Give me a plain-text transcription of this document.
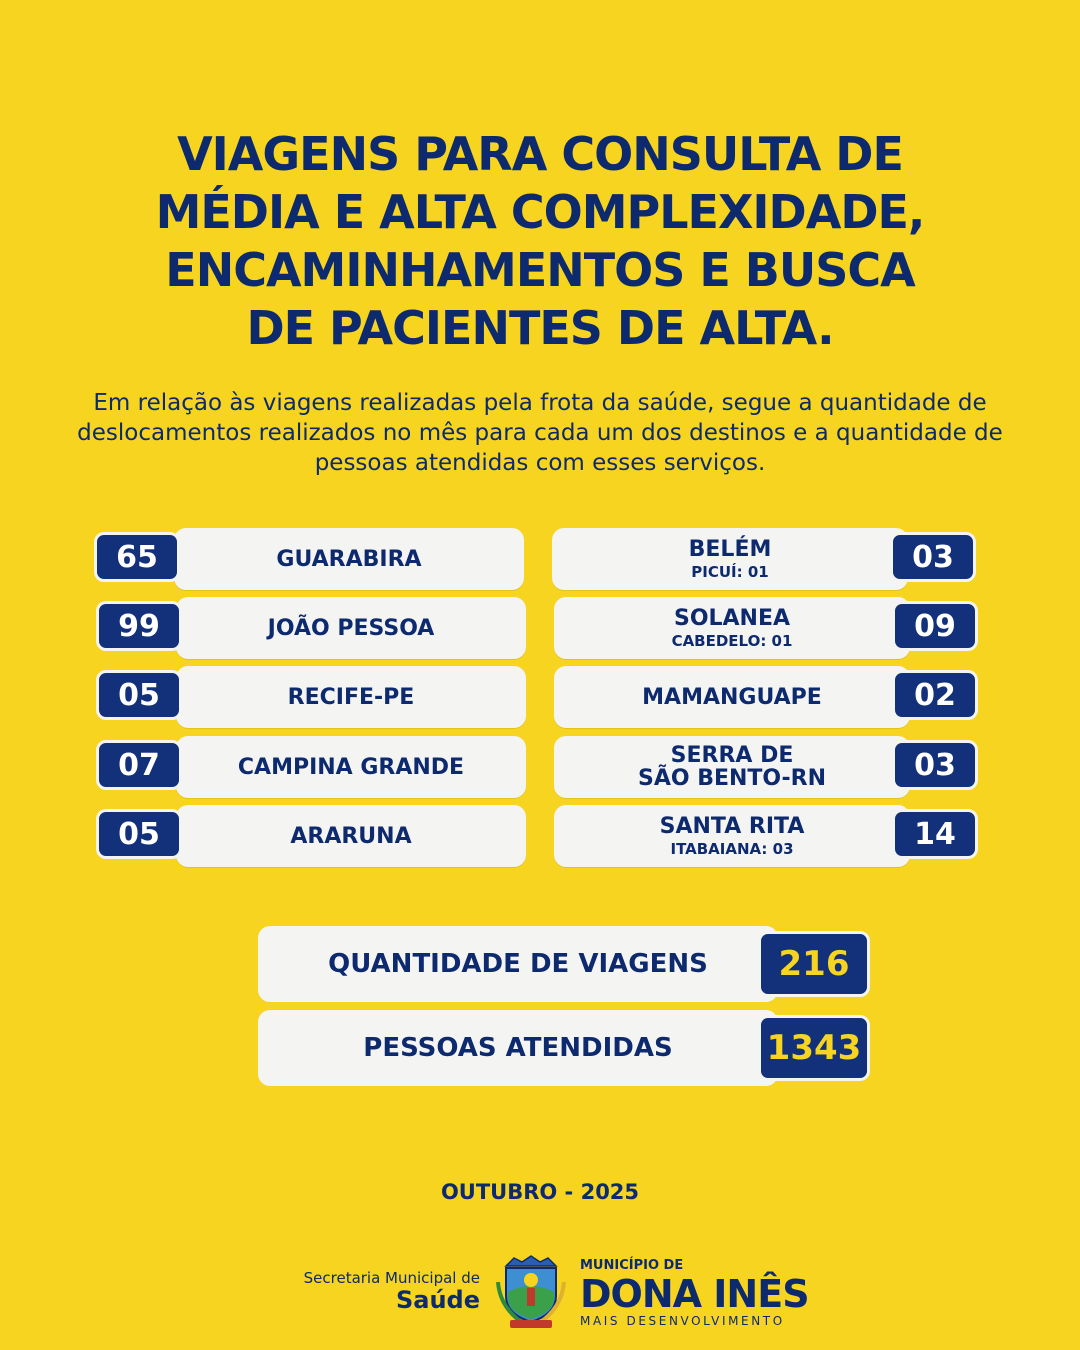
VIAGENS PARA CONSULTA DE
MÉDIA E ALTA COMPLEXIDADE,
ENCAMINHAMENTOS E BUSCA
DE PACIENTES DE ALTA.
Em relação às viagens realizadas pela frota da saúde, segue a quantidade de deslocamentos realizados no mês para cada um dos destinos e a quantidade de pessoas atendidas com esses serviços.
GUARABIRA
65
JOÃO PESSOA
99
RECIFE-PE
05
CAMPINA GRANDE
07
ARARUNA
05
BELÉM
PICUÍ: 01	03
SOLANEA
CABEDELO: 01	09
MAMANGUAPE	02
SERRA DE
SÃO BENTO-RN	03
SANTA RITA
ITABAIANA: 03	14
QUANTIDADE DE VIAGENS	216
PESSOAS ATENDIDAS	1343
OUTUBRO - 2025
Secretaria Municipal de
Saúde
MUNICÍPIO DE
DONA INÊS
MAIS DESENVOLVIMENTO
